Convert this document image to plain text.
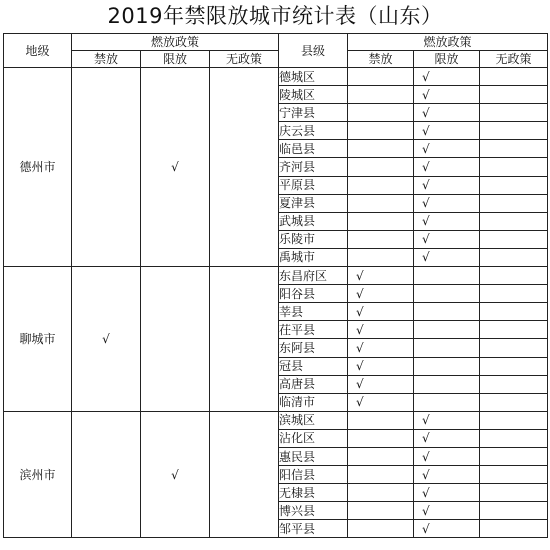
2019年禁限放城市统计表（山东）
地级	燃放政策			县级	燃放政策		
	禁放	限放	无政策		禁放	限放	无政策
德州市		√		德城区		√	
				陵城区		√	
				宁津县		√	
				庆云县		√	
				临邑县		√	
				齐河县		√	
				平原县		√	
				夏津县		√	
				武城县		√	
				乐陵市		√	
				禹城市		√	
聊城市	√			东昌府区	√		
				阳谷县	√		
				莘县	√		
				茌平县	√		
				东阿县	√		
				冠县	√		
				高唐县	√		
				临清市	√		
滨州市		√		滨城区		√	
				沾化区		√	
				惠民县		√	
				阳信县		√	
				无棣县		√	
				博兴县		√	
				邹平县		√	
